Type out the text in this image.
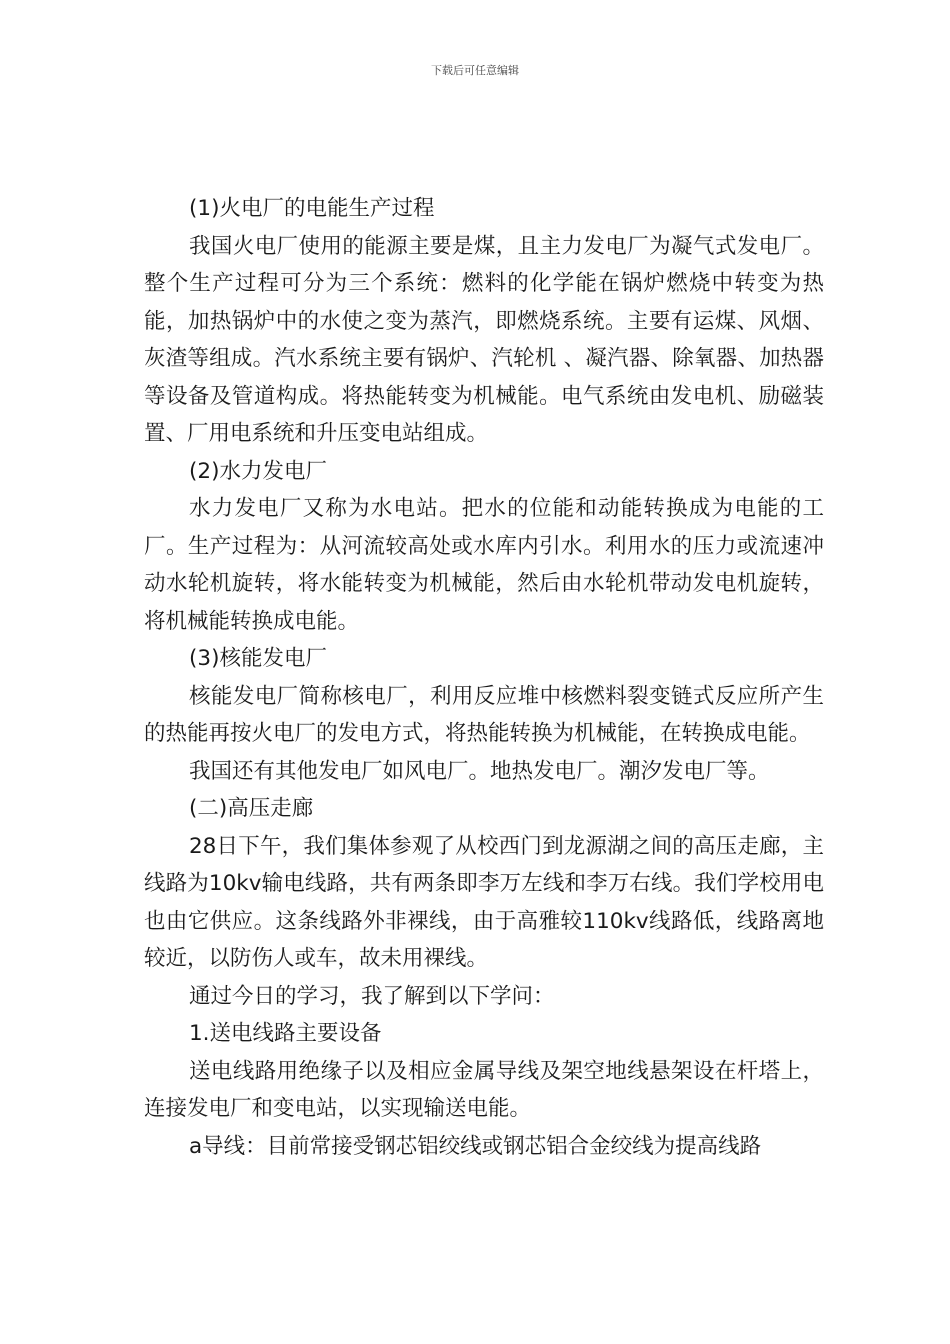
下载后可任意编辑

(1)火电厂的电能生产过程

我国火电厂使用的能源主要是煤，且主力发电厂为凝气式发电厂。整个生产过程可分为三个系统：燃料的化学能在锅炉燃烧中转变为热能，加热锅炉中的水使之变为蒸汽，即燃烧系统。主要有运煤、风烟、灰渣等组成。汽水系统主要有锅炉、汽轮机 、凝汽器、除氧器、加热器等设备及管道构成。将热能转变为机械能。电气系统由发电机、励磁装置、厂用电系统和升压变电站组成。

(2)水力发电厂

水力发电厂又称为水电站。把水的位能和动能转换成为电能的工厂。生产过程为：从河流较高处或水库内引水。利用水的压力或流速冲动水轮机旋转，将水能转变为机械能，然后由水轮机带动发电机旋转，将机械能转换成电能。

(3)核能发电厂

核能发电厂简称核电厂，利用反应堆中核燃料裂变链式反应所产生的热能再按火电厂的发电方式，将热能转换为机械能，在转换成电能。

我国还有其他发电厂如风电厂。地热发电厂。潮汐发电厂等。

(二)高压走廊

28日下午，我们集体参观了从校西门到龙源湖之间的高压走廊，主线路为10kv输电线路，共有两条即李万左线和李万右线。我们学校用电也由它供应。这条线路外非裸线，由于高雅较110kv线路低，线路离地较近，以防伤人或车，故未用裸线。

通过今日的学习，我了解到以下学问：

1.送电线路主要设备

送电线路用绝缘子以及相应金属导线及架空地线悬架设在杆塔上，连接发电厂和变电站，以实现输送电能。

a导线：目前常接受钢芯铝绞线或钢芯铝合金绞线为提高线路
